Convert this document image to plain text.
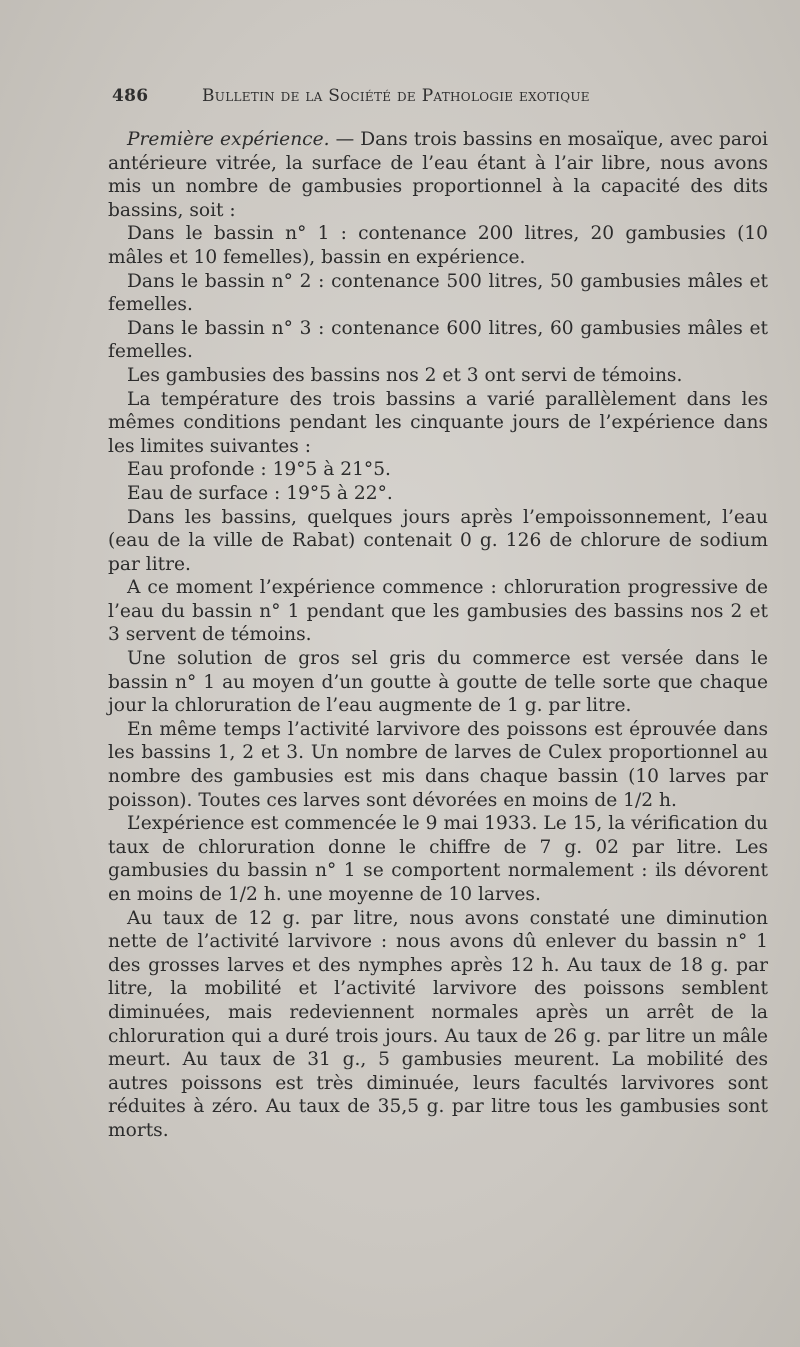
486	Bulletin de la Société de Pathologie exotique

Première expérience. — Dans trois bassins en mosaïque, avec paroi antérieure vitrée, la surface de l’eau étant à l’air libre, nous avons mis un nombre de gambusies proportionnel à la capacité des dits bassins, soit :

Dans le bassin n° 1 : contenance 200 litres, 20 gambusies (10 mâles et 10 femelles), bassin en expérience.

Dans le bassin n° 2 : contenance 500 litres, 50 gambusies mâles et femelles.

Dans le bassin n° 3 : contenance 600 litres, 60 gambusies mâles et femelles.

Les gambusies des bassins nos 2 et 3 ont servi de témoins.

La température des trois bassins a varié parallèlement dans les mêmes conditions pendant les cinquante jours de l’expérience dans les limites suivantes :

Eau profonde : 19°5 à 21°5.

Eau de surface : 19°5 à 22°.

Dans les bassins, quelques jours après l’empoissonnement, l’eau (eau de la ville de Rabat) contenait 0 g. 126 de chlorure de sodium par litre.

A ce moment l’expérience commence : chloruration progressive de l’eau du bassin n° 1 pendant que les gambusies des bassins nos 2 et 3 servent de témoins.

Une solution de gros sel gris du commerce est versée dans le bassin n° 1 au moyen d’un goutte à goutte de telle sorte que chaque jour la chloruration de l’eau augmente de 1 g. par litre.

En même temps l’activité larvivore des poissons est éprouvée dans les bassins 1, 2 et 3. Un nombre de larves de Culex proportionnel au nombre des gambusies est mis dans chaque bassin (10 larves par poisson). Toutes ces larves sont dévorées en moins de 1/2 h.

L’expérience est commencée le 9 mai 1933. Le 15, la vérification du taux de chloruration donne le chiffre de 7 g. 02 par litre. Les gambusies du bassin n° 1 se comportent normalement : ils dévorent en moins de 1/2 h. une moyenne de 10 larves.

Au taux de 12 g. par litre, nous avons constaté une diminution nette de l’activité larvivore : nous avons dû enlever du bassin n° 1 des grosses larves et des nymphes après 12 h. Au taux de 18 g. par litre, la mobilité et l’activité larvivore des poissons semblent diminuées, mais redeviennent normales après un arrêt de la chloruration qui a duré trois jours. Au taux de 26 g. par litre un mâle meurt. Au taux de 31 g., 5 gambusies meurent. La mobilité des autres poissons est très diminuée, leurs facultés larvivores sont réduites à zéro. Au taux de 35,5 g. par litre tous les gambusies sont morts.
